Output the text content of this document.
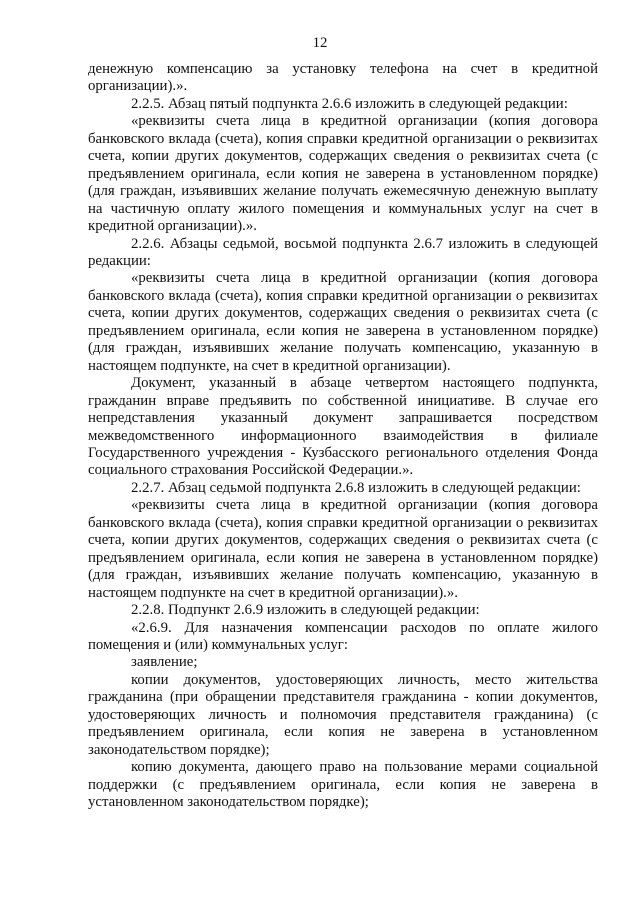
12

денежную компенсацию за установку телефона на счет в кредитной организации).».

2.2.5. Абзац пятый подпункта 2.6.6 изложить в следующей редакции:

«реквизиты счета лица в кредитной организации (копия договора банковского вклада (счета), копия справки кредитной организации о реквизитах счета, копии других документов, содержащих сведения о реквизитах счета (с предъявлением оригинала, если копия не заверена в установленном порядке) (для граждан, изъявивших желание получать ежемесячную денежную выплату на частичную оплату жилого помещения и коммунальных услуг на счет в кредитной организации).».

2.2.6. Абзацы седьмой, восьмой подпункта 2.6.7 изложить в следующей редакции:

«реквизиты счета лица в кредитной организации (копия договора банковского вклада (счета), копия справки кредитной организации о реквизитах счета, копии других документов, содержащих сведения о реквизитах счета (с предъявлением оригинала, если копия не заверена в установленном порядке) (для граждан, изъявивших желание получать компенсацию, указанную в настоящем подпункте, на счет в кредитной организации).

Документ, указанный в абзаце четвертом настоящего подпункта, гражданин вправе предъявить по собственной инициативе. В случае его непредставления указанный документ запрашивается посредством межведомственного информационного взаимодействия в филиале Государственного учреждения - Кузбасского регионального отделения Фонда социального страхования Российской Федерации.».

2.2.7. Абзац седьмой подпункта 2.6.8 изложить в следующей редакции:

«реквизиты счета лица в кредитной организации (копия договора банковского вклада (счета), копия справки кредитной организации о реквизитах счета, копии других документов, содержащих сведения о реквизитах счета (с предъявлением оригинала, если копия не заверена в установленном порядке) (для граждан, изъявивших желание получать компенсацию, указанную в настоящем подпункте на счет в кредитной организации).».

2.2.8. Подпункт 2.6.9 изложить в следующей редакции:

«2.6.9. Для назначения компенсации расходов по оплате жилого помещения и (или) коммунальных услуг:

заявление;

копии документов, удостоверяющих личность, место жительства гражданина (при обращении представителя гражданина - копии документов, удостоверяющих личность и полномочия представителя гражданина) (с предъявлением оригинала, если копия не заверена в установленном законодательством порядке);

копию документа, дающего право на пользование мерами социальной поддержки (с предъявлением оригинала, если копия не заверена в установленном законодательством порядке);
